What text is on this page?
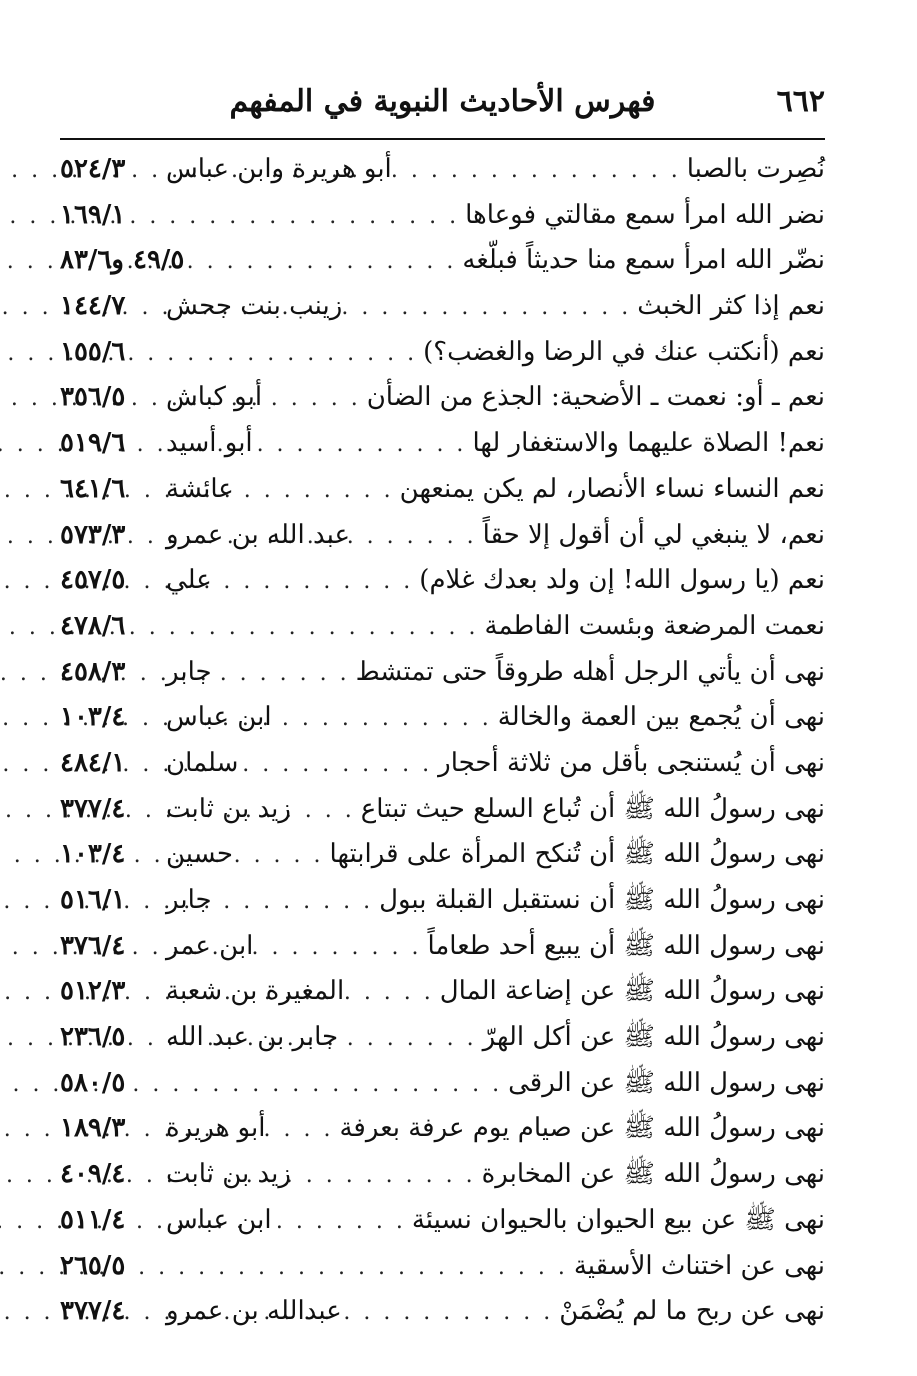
٦٦٢
فهرس الأحاديث النبوية في المفهم
نُصِرت بالصبا
. . .
أبو هريرة وابن عباس
٥٢٤/٣
نضر الله امرأ سمع مقالتي فوعاها
. . .
١٦٩/١
نضّر الله امرأ سمع منا حديثاً فبلّغه
. . .
٤٩/٥ و٨٣/٦
نعم إذا كثر الخبث
. . .
زينب بنت جحش
١٤٤/٧
نعم (أنكتب عنك في الرضا والغضب؟)
. . .
١٥٥/٦
نعم ـ أو: نعمت ـ الأضحية: الجذع من الضأن
. . .
أبو كباش
٣٥٦/٥
نعم! الصلاة عليهما والاستغفار لها
. . .
أبو أسيد
٥١٩/٦
نعم النساء نساء الأنصار، لم يكن يمنعهن
. . .
عائشة
٦٤١/٦
نعم، لا ينبغي لي أن أقول إلا حقاً
. . .
عبد الله بن عمرو
٥٧٣/٣
نعم (يا رسول الله! إن ولد بعدك غلام)
. . .
علي
٤٥٧/٥
نعمت المرضعة وبئست الفاطمة
. . .
٤٧٨/٦
نهى أن يأتي الرجل أهله طروقاً حتى تمتشط
. . .
جابر
٤٥٨/٣
نهى أن يُجمع بين العمة والخالة
. . .
ابن عباس
١٠٣/٤
نهى أن يُستنجى بأقل من ثلاثة أحجار
. . .
سلمان
٤٨٤/١
نهى رسولُ الله ﷺ أن تُباع السلع حيث تبتاع
. . .
زيد بن ثابت
٣٧٧/٤
نهى رسولُ الله ﷺ أن تُنكح المرأة على قرابتها
. . .
حسين
١٠٣/٤
نهى رسولُ الله ﷺ أن نستقبل القبلة ببول
. . .
جابر
٥١٦/١
نهى رسول الله ﷺ أن يبيع أحد طعاماً
. . .
ابن عمر
٣٧٦/٤
نهى رسولُ الله ﷺ عن إضاعة المال
. . .
المغيرة بن شعبة
٥١٢/٣
نهى رسولُ الله ﷺ عن أكل الهرّ
. . .
جابر بن عبد الله
٢٣٦/٥
نهى رسول الله ﷺ عن الرقى
. . .
٥٨٠/٥
نهى رسولُ الله ﷺ عن صيام يوم عرفة بعرفة
. . .
أبو هريرة
١٨٩/٣
نهى رسولُ الله ﷺ عن المخابرة
. . .
زيد بن ثابت
٤٠٩/٤
نهى ﷺ عن بيع الحيوان بالحيوان نسيئة
. . .
ابن عباس
٥١١/٤
نهى عن اختناث الأسقية
. . .
٢٦٥/٥
نهى عن ربح ما لم يُضْمَنْ
. . .
عبدالله بن عمرو
٣٧٧/٤
